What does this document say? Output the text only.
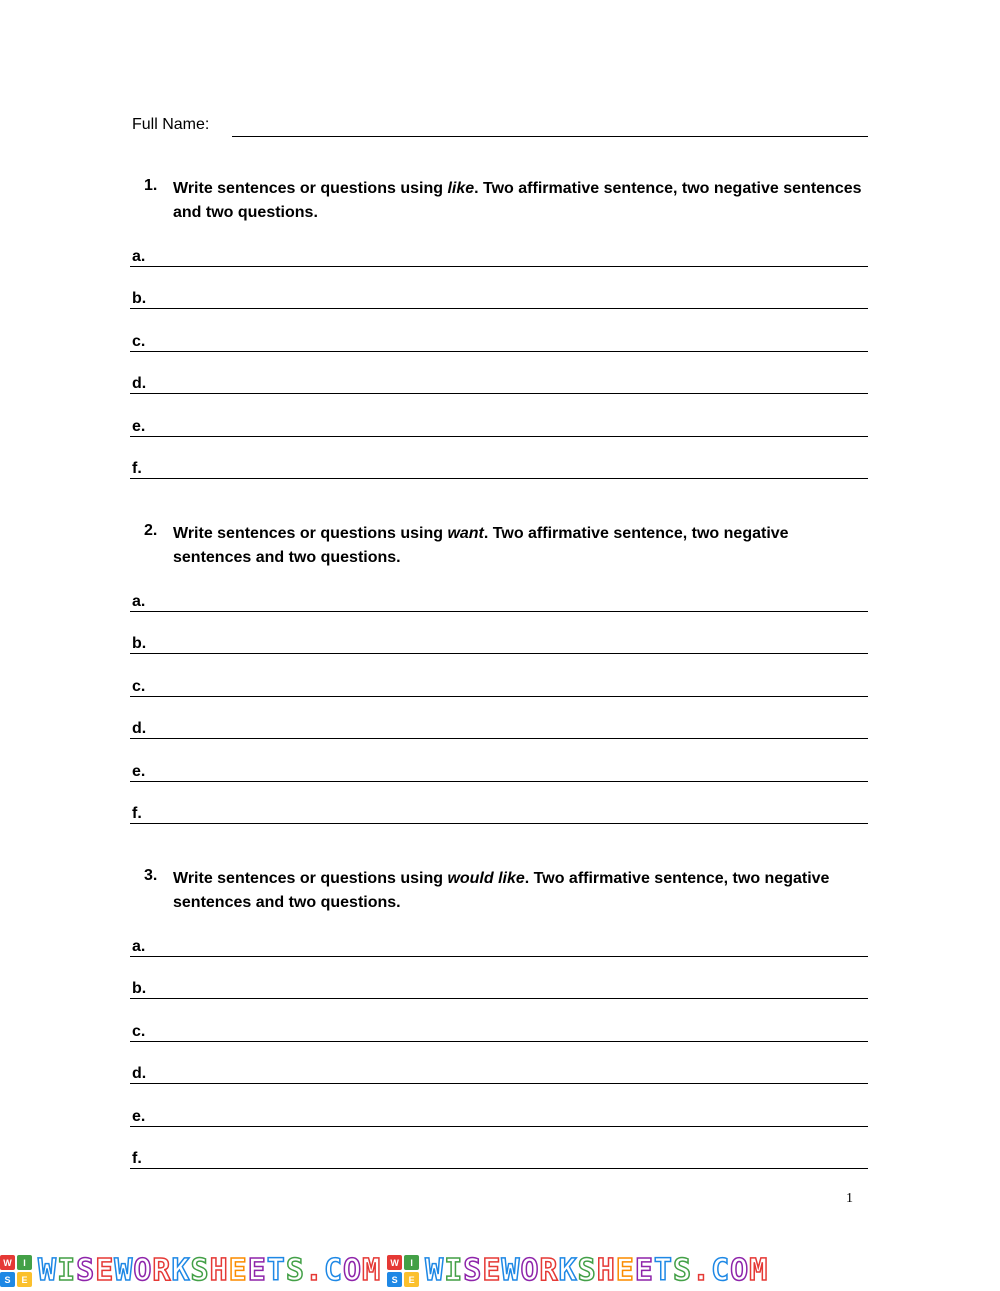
Full Name:
1. Write sentences or questions using like. Two affirmative sentence, two negative sentences and two questions.
a.
b.
c.
d.
e.
f.
2. Write sentences or questions using want. Two affirmative sentence, two negative sentences and two questions.
a.
b.
c.
d.
e.
f.
3. Write sentences or questions using would like. Two affirmative sentence, two negative sentences and two questions.
a.
b.
c.
d.
e.
f.
1
W	I
S	E WISEWORKSHEETS.COM	W	I
S	E WISEWORKSHEETS.COM
